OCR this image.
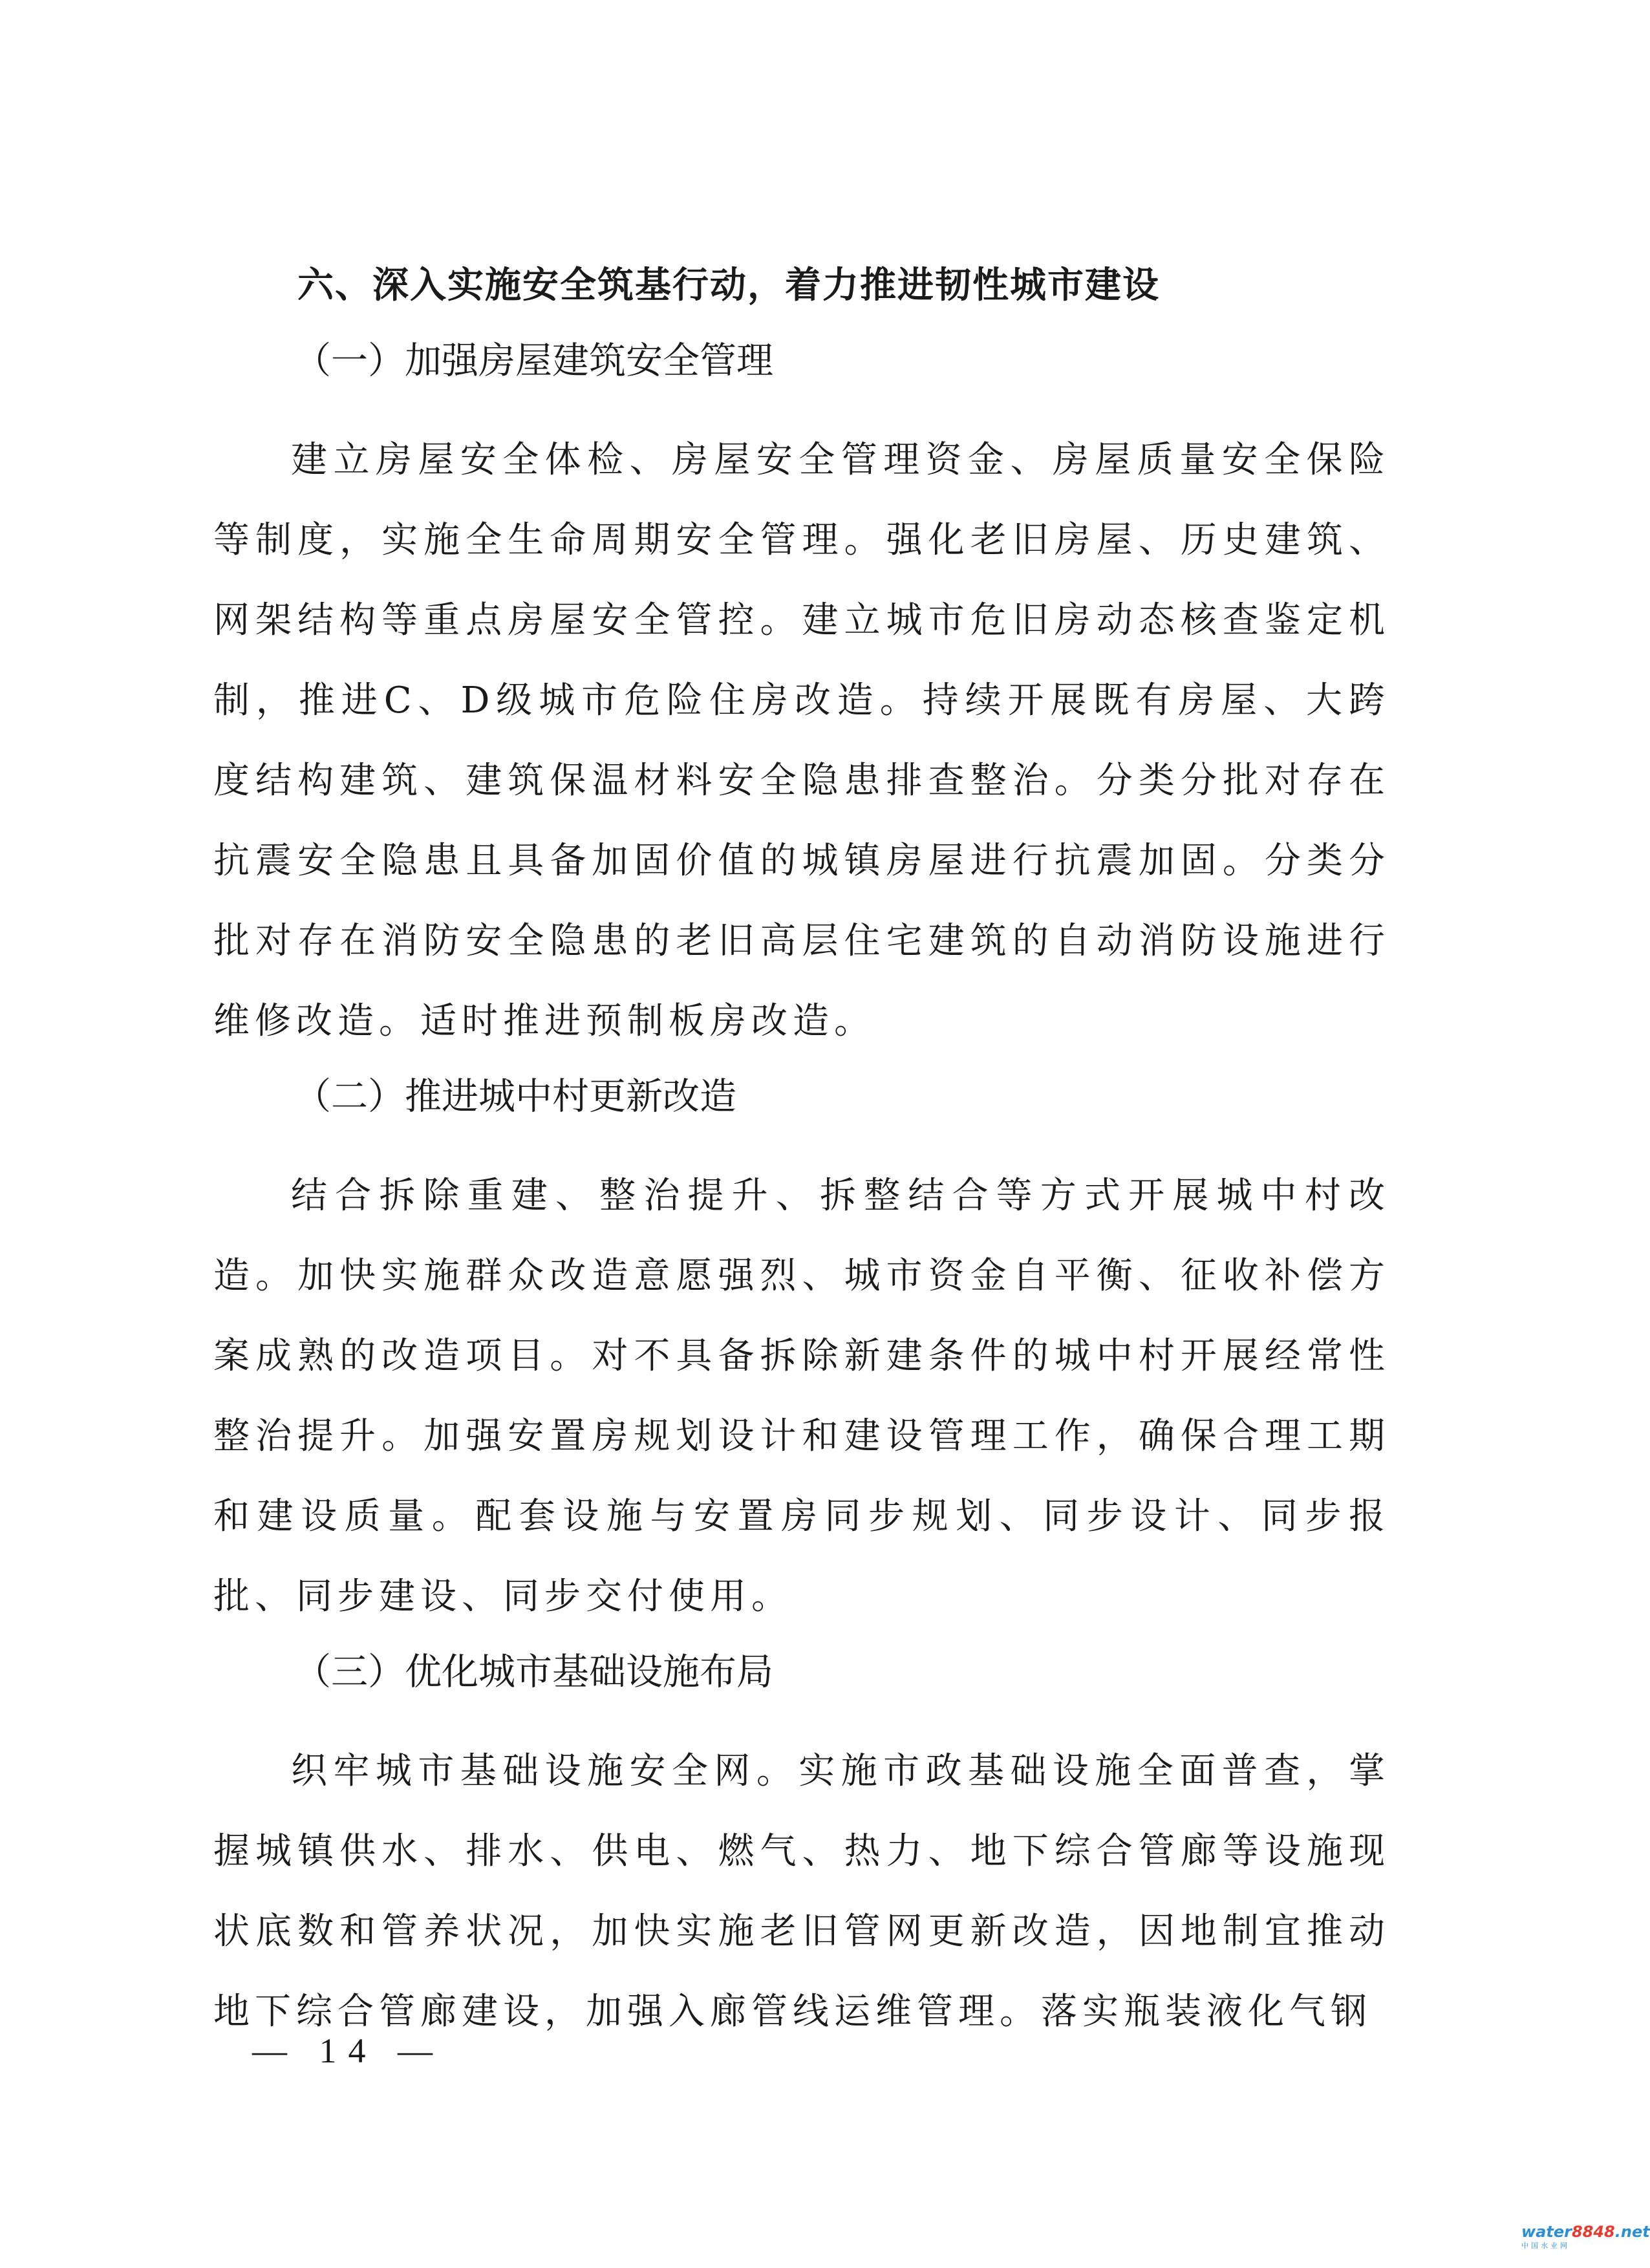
六、深入实施安全筑基行动，着力推进韧性城市建设
（一）加强房屋建筑安全管理

建立房屋安全体检、房屋安全管理资金、房屋质量安全保险等制度，实施全生命周期安全管理。强化老旧房屋、历史建筑、网架结构等重点房屋安全管控。建立城市危旧房动态核查鉴定机制，推进C、D级城市危险住房改造。持续开展既有房屋、大跨度结构建筑、建筑保温材料安全隐患排查整治。分类分批对存在抗震安全隐患且具备加固价值的城镇房屋进行抗震加固。分类分批对存在消防安全隐患的老旧高层住宅建筑的自动消防设施进行维修改造。适时推进预制板房改造。

（二）推进城中村更新改造

结合拆除重建、整治提升、拆整结合等方式开展城中村改造。加快实施群众改造意愿强烈、城市资金自平衡、征收补偿方案成熟的改造项目。对不具备拆除新建条件的城中村开展经常性整治提升。加强安置房规划设计和建设管理工作，确保合理工期和建设质量。配套设施与安置房同步规划、同步设计、同步报批、同步建设、同步交付使用。

（三）优化城市基础设施布局

织牢城市基础设施安全网。实施市政基础设施全面普查，掌握城镇供水、排水、供电、燃气、热力、地下综合管廊等设施现状底数和管养状况，加快实施老旧管网更新改造，因地制宜推动地下综合管廊建设，加强入廊管线运维管理。落实瓶装液化气钢

— 14 —
water8848.net
中国水业网
